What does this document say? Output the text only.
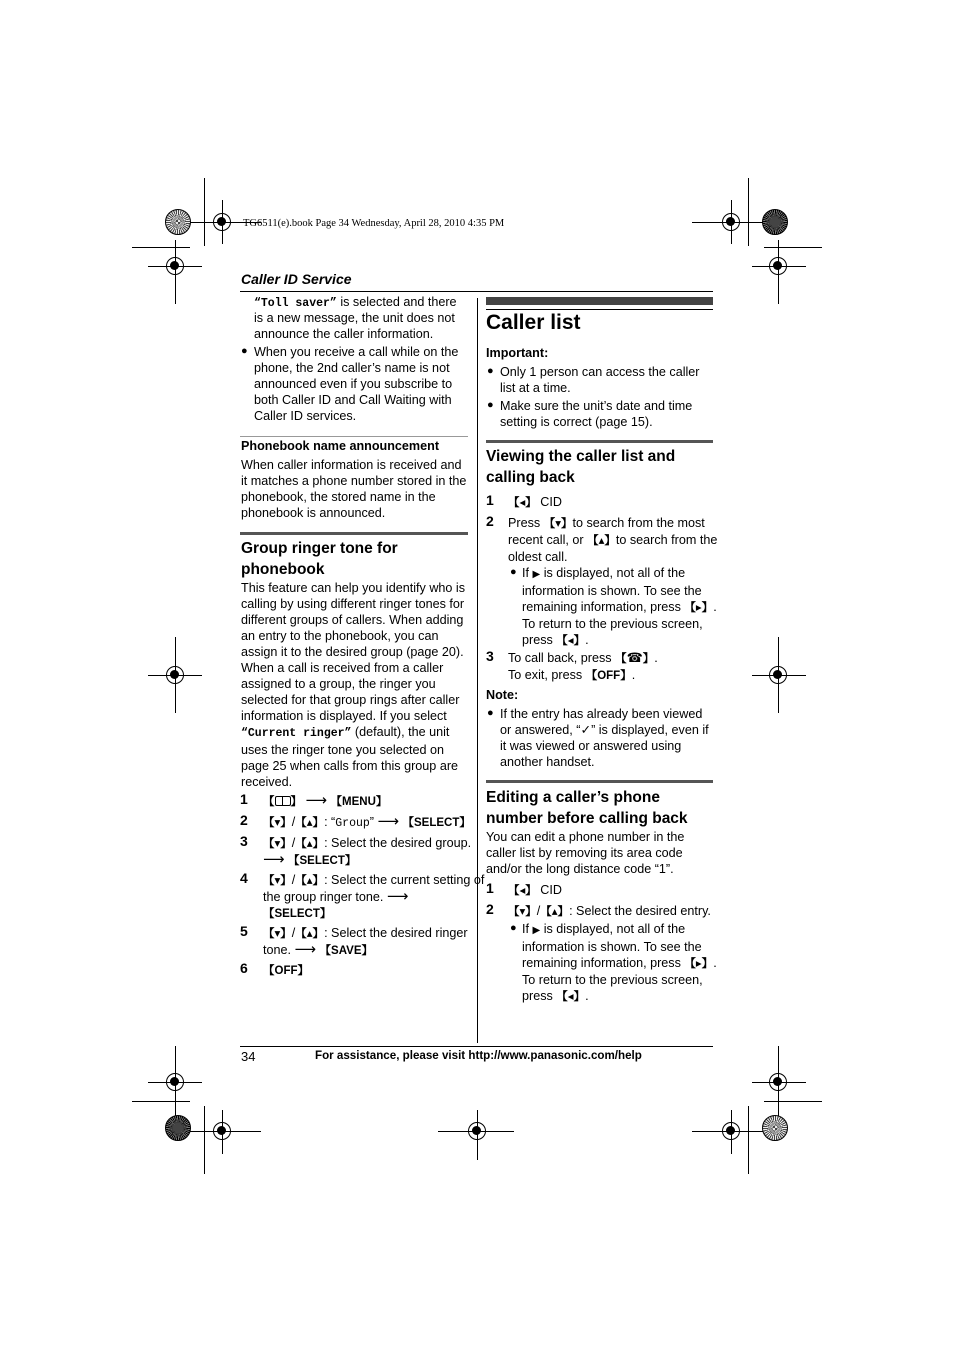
TG6511(e).book Page 34 Wednesday, April 28, 2010 4:35 PM
Caller ID Service
“Toll saver” is selected and there
is a new message, the unit does not
announce the caller information.
● When you receive a call while on the
phone, the 2nd caller’s name is not
announced even if you subscribe to
both Caller ID and Call Waiting with
Caller ID services.
Phonebook name announcement
When caller information is received and
it matches a phone number stored in the
phonebook, the stored name in the
phonebook is announced.
Group ringer tone for
phonebook
This feature can help you identify who is
calling by using different ringer tones for
different groups of callers. When adding
an entry to the phonebook, you can
assign it to the desired group (page 20).
When a call is received from a caller
assigned to a group, the ringer you
selected for that group rings after caller
information is displayed. If you select
“Current ringer” (default), the unit
uses the ringer tone you selected on
page 25 when calls from this group are
received.
1 【 】 ⟶ 【MENU】
2 【▾】/【▴】: “Group” ⟶ 【SELECT】
3 【▾】/【▴】: Select the desired group.
⟶ 【SELECT】
4 【▾】/【▴】: Select the current setting of
the group ringer tone. ⟶
【SELECT】
5 【▾】/【▴】: Select the desired ringer
tone. ⟶ 【SAVE】
6 【OFF】
Caller list
Important:
● Only 1 person can access the caller
list at a time.
● Make sure the unit’s date and time
setting is correct (page 15).
Viewing the caller list and
calling back
1 【◂】 CID
2 Press 【▾】to search from the most
recent call, or 【▴】to search from the
oldest call.
● If ▶ is displayed, not all of the
information is shown. To see the
remaining information, press 【▸】.
To return to the previous screen,
press 【◂】.
3 To call back, press 【☎】.
To exit, press 【OFF】.
Note:
● If the entry has already been viewed
or answered, “✓” is displayed, even if
it was viewed or answered using
another handset.
Editing a caller’s phone
number before calling back
You can edit a phone number in the
caller list by removing its area code
and/or the long distance code “1”.
1 【◂】 CID
2 【▾】/【▴】: Select the desired entry.
● If ▶ is displayed, not all of the
information is shown. To see the
remaining information, press 【▸】.
To return to the previous screen,
press 【◂】.
34	For assistance, please visit http://www.panasonic.com/help
